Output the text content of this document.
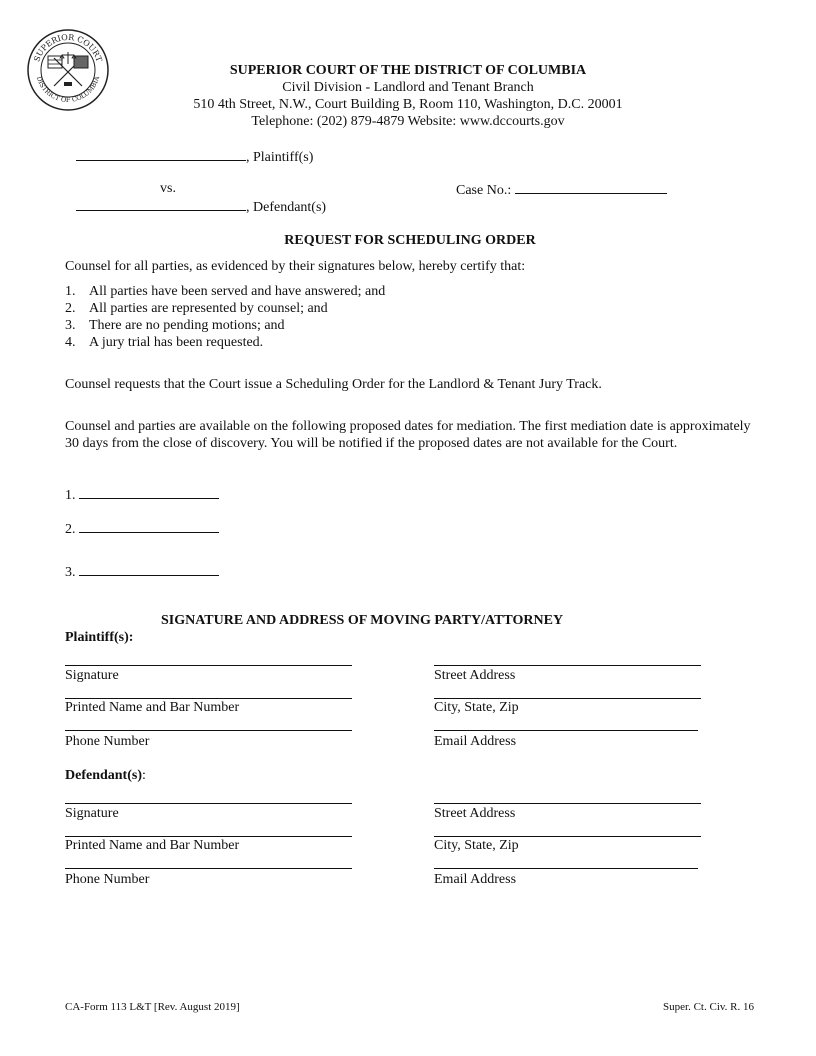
SUPERIOR COURT
DISTRICT OF COLUMBIA
SUPERIOR COURT OF THE DISTRICT OF COLUMBIA
Civil Division - Landlord and Tenant Branch
510 4th Street, N.W., Court Building B, Room 110, Washington, D.C. 20001
Telephone: (202) 879-4879 Website: www.dccourts.gov
, Plaintiff(s)
vs.	Case No.:
, Defendant(s)
REQUEST FOR SCHEDULING ORDER
Counsel for all parties, as evidenced by their signatures below, hereby certify that:
1. All parties have been served and have answered; and
2. All parties are represented by counsel; and
3. There are no pending motions; and
4. A jury trial has been requested.
Counsel requests that the Court issue a Scheduling Order for the Landlord & Tenant Jury Track.
Counsel and parties are available on the following proposed dates for mediation. The first mediation date is approximately 30 days from the close of discovery. You will be notified if the proposed dates are not available for the Court.
1.
2.
3.
SIGNATURE AND ADDRESS OF MOVING PARTY/ATTORNEY
Plaintiff(s):
Signature	Street Address
Printed Name and Bar Number	City, State, Zip
Phone Number	Email Address
Defendant(s):
Signature	Street Address
Printed Name and Bar Number	City, State, Zip
Phone Number	Email Address
CA-Form 113 L&T [Rev. August 2019]	Super. Ct. Civ. R. 16
